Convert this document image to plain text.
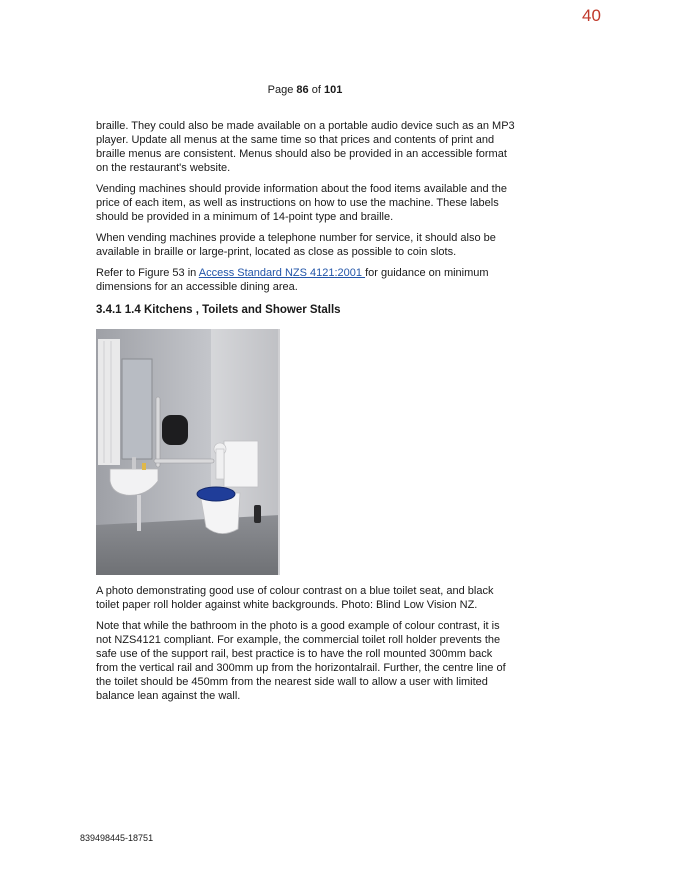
40
Page 86 of 101

braille. They could also be made available on a portable audio device such as an MP3 player. Update all menus at the same time so that prices and contents of print and braille menus are consistent. Menus should also be provided in an accessible format on the restaurant's website.

Vending machines should provide information about the food items available and the price of each item, as well as instructions on how to use the machine. These labels should be provided in a minimum of 14-point type and braille.

When vending machines provide a telephone number for service, it should also be available in braille or large-print, located as close as possible to coin slots.

Refer to Figure 53 in Access Standard NZS 4121:2001 for guidance on minimum dimensions for an accessible dining area.

3.4.1 1.4 Kitchens , Toilets and Shower Stalls

A photo demonstrating good use of colour contrast on a blue toilet seat, and black toilet paper roll holder against white backgrounds. Photo: Blind Low Vision NZ.

Note that while the bathroom in the photo is a good example of colour contrast, it is not NZS4121 compliant. For example, the commercial toilet roll holder prevents the safe use of the support rail, best practice is to have the roll mounted 300mm back from the vertical rail and 300mm up from the horizontalrail. Further, the centre line of the toilet should be 450mm from the nearest side wall to allow a user with limited balance lean against the wall.

839498445-18751
